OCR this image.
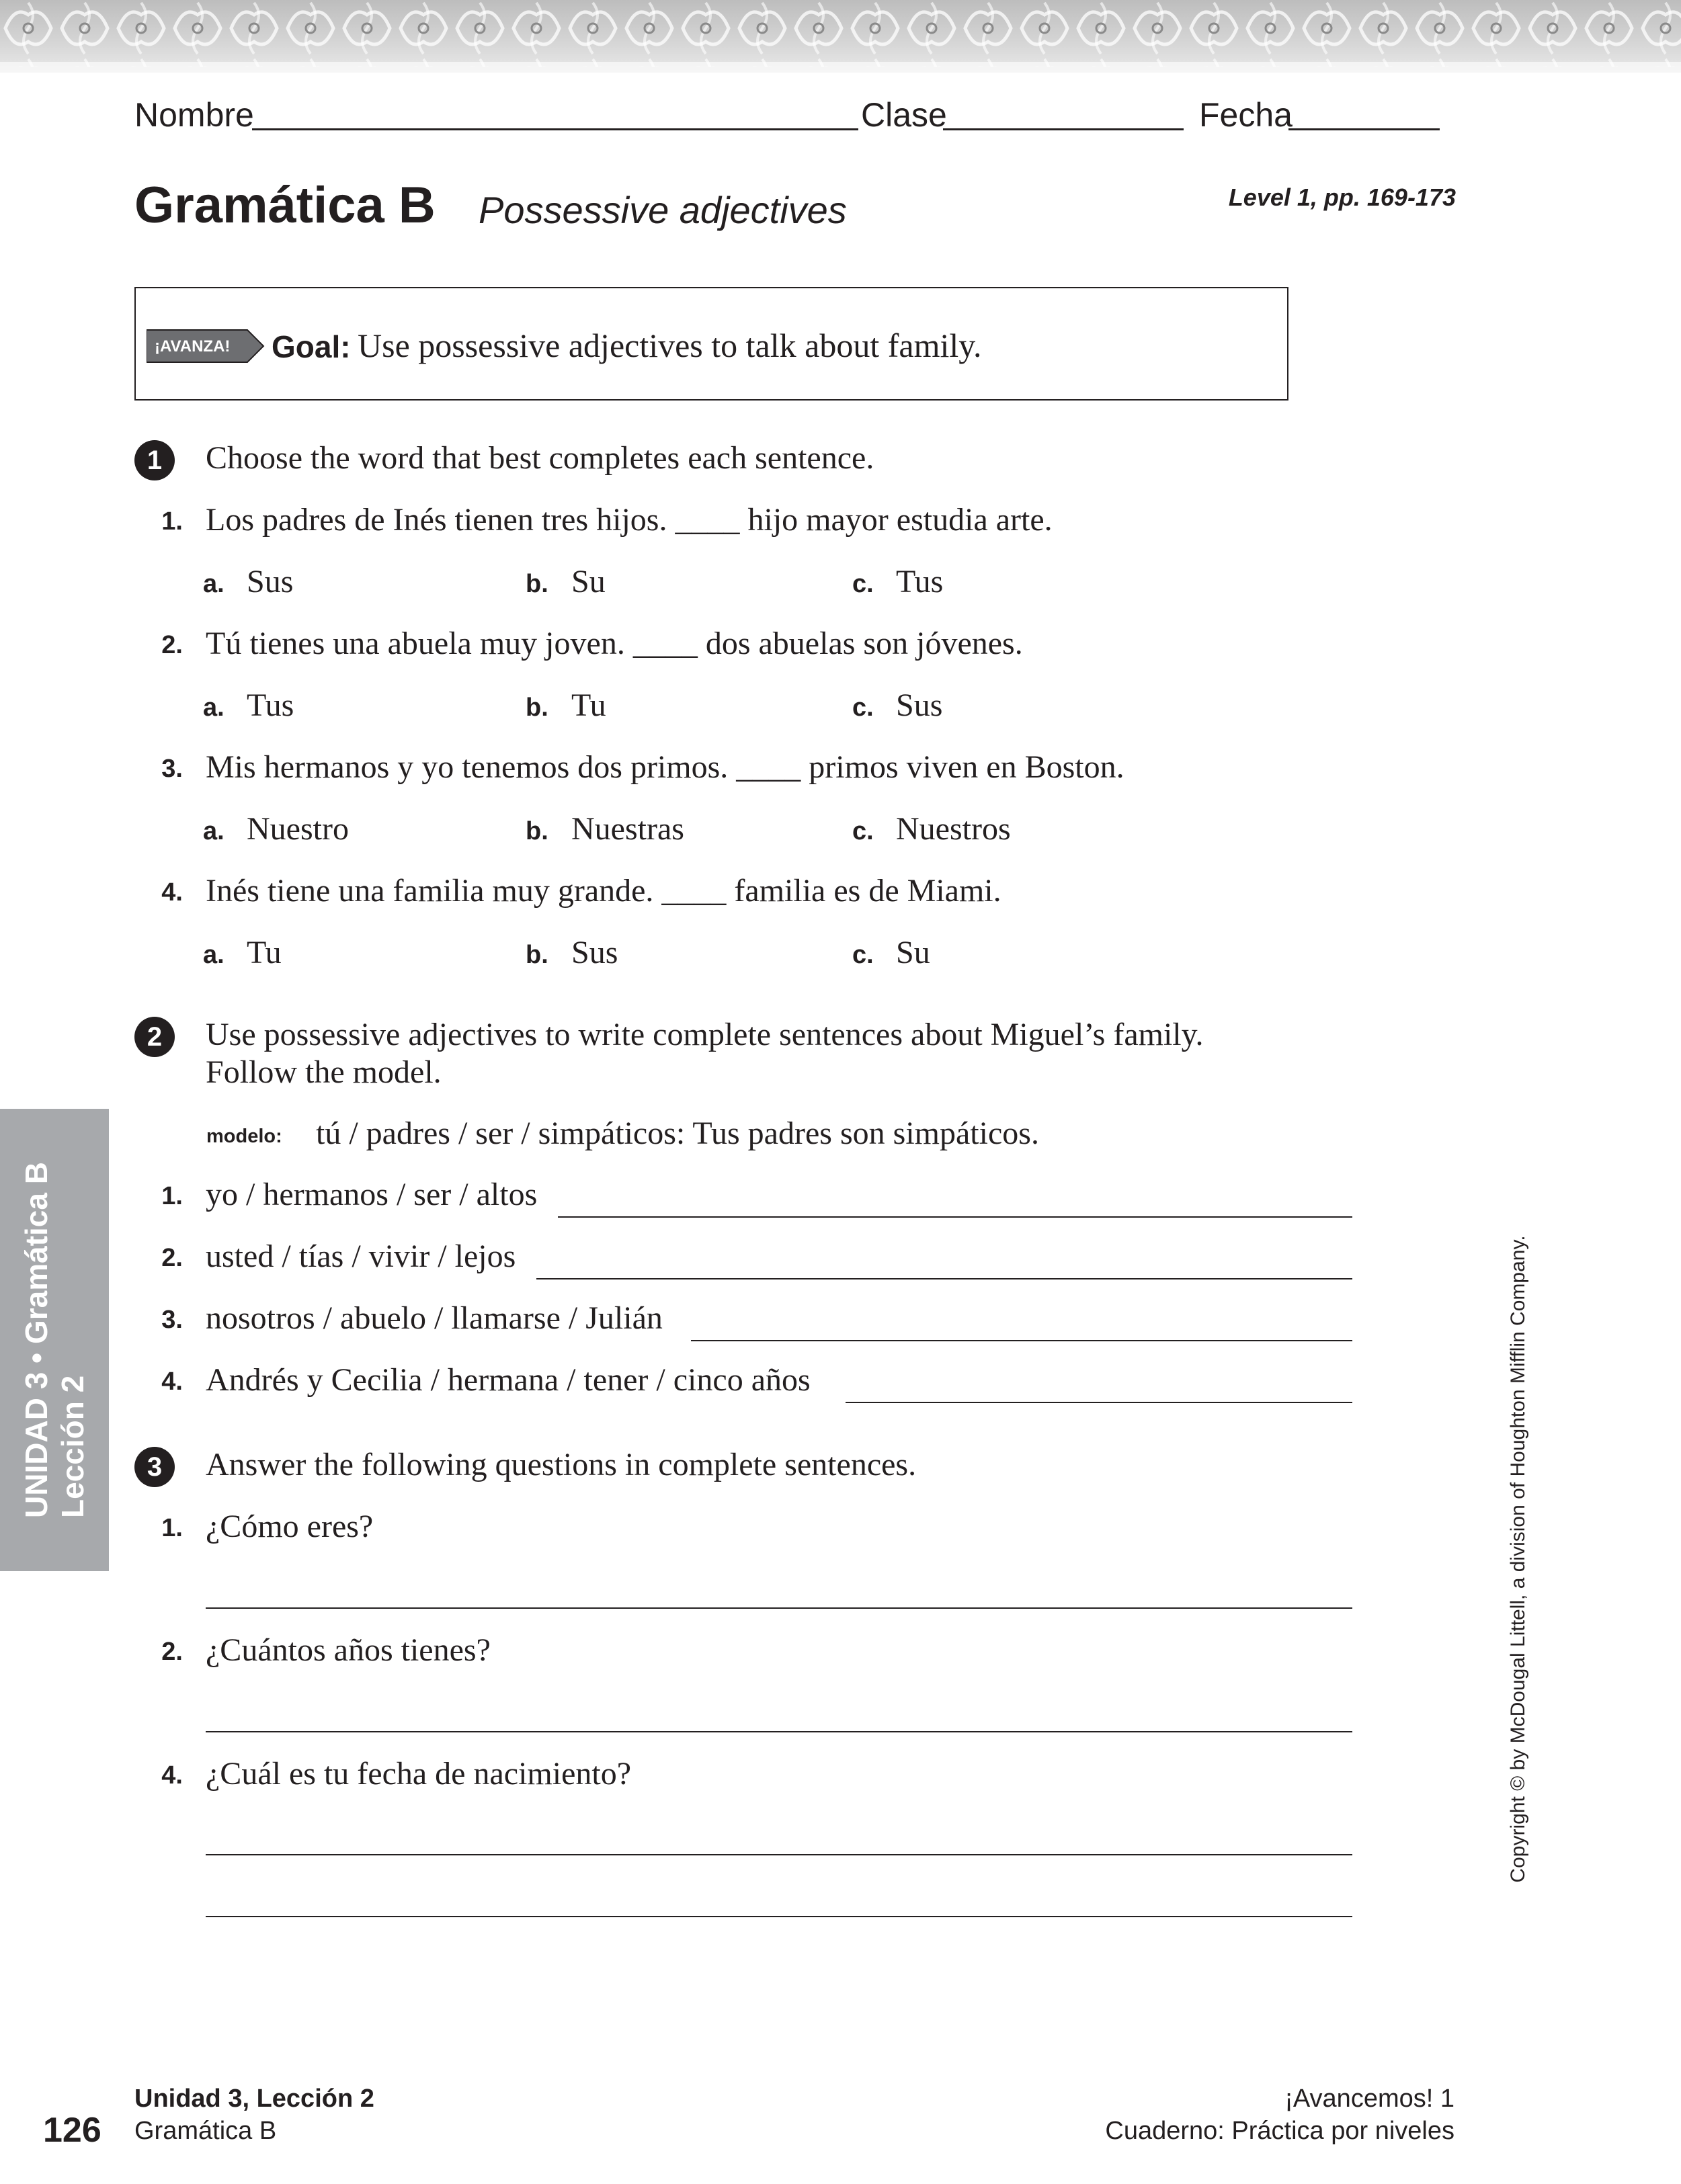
Nombre	Clase	Fecha
Gramática B Possessive adjectives	Level 1, pp. 169-173
¡AVANZA! Goal: Use possessive adjectives to talk about family.
1	Choose the word that best completes each sentence.
1. Los padres de Inés tienen tres hijos. ____ hijo mayor estudia arte.
a. Sus	b. Su	c. Tus
2. Tú tienes una abuela muy joven. ____ dos abuelas son jóvenes.
a. Tus	b. Tu	c. Sus
3. Mis hermanos y yo tenemos dos primos. ____ primos viven en Boston.
a. Nuestro	b. Nuestras	c. Nuestros
4. Inés tiene una familia muy grande. ____ familia es de Miami.
a. Tu	b. Sus	c. Su
2	Use possessive adjectives to write complete sentences about Miguel’s family.
Follow the model.
modelo: tú / padres / ser / simpáticos: Tus padres son simpáticos.
1. yo / hermanos / ser / altos
2. usted / tías / vivir / lejos
3. nosotros / abuelo / llamarse / Julián
4. Andrés y Cecilia / hermana / tener / cinco años
3	Answer the following questions in complete sentences.
1. ¿Cómo eres?
2. ¿Cuántos años tienes?
4. ¿Cuál es tu fecha de nacimiento?
UNIDAD 3 • Gramática B Lección 2	Copyright © by McDougal Littell, a division of Houghton Mifflin Company.
126
Unidad 3, Lección 2
Gramática B
¡Avancemos! 1
Cuaderno: Práctica por niveles
